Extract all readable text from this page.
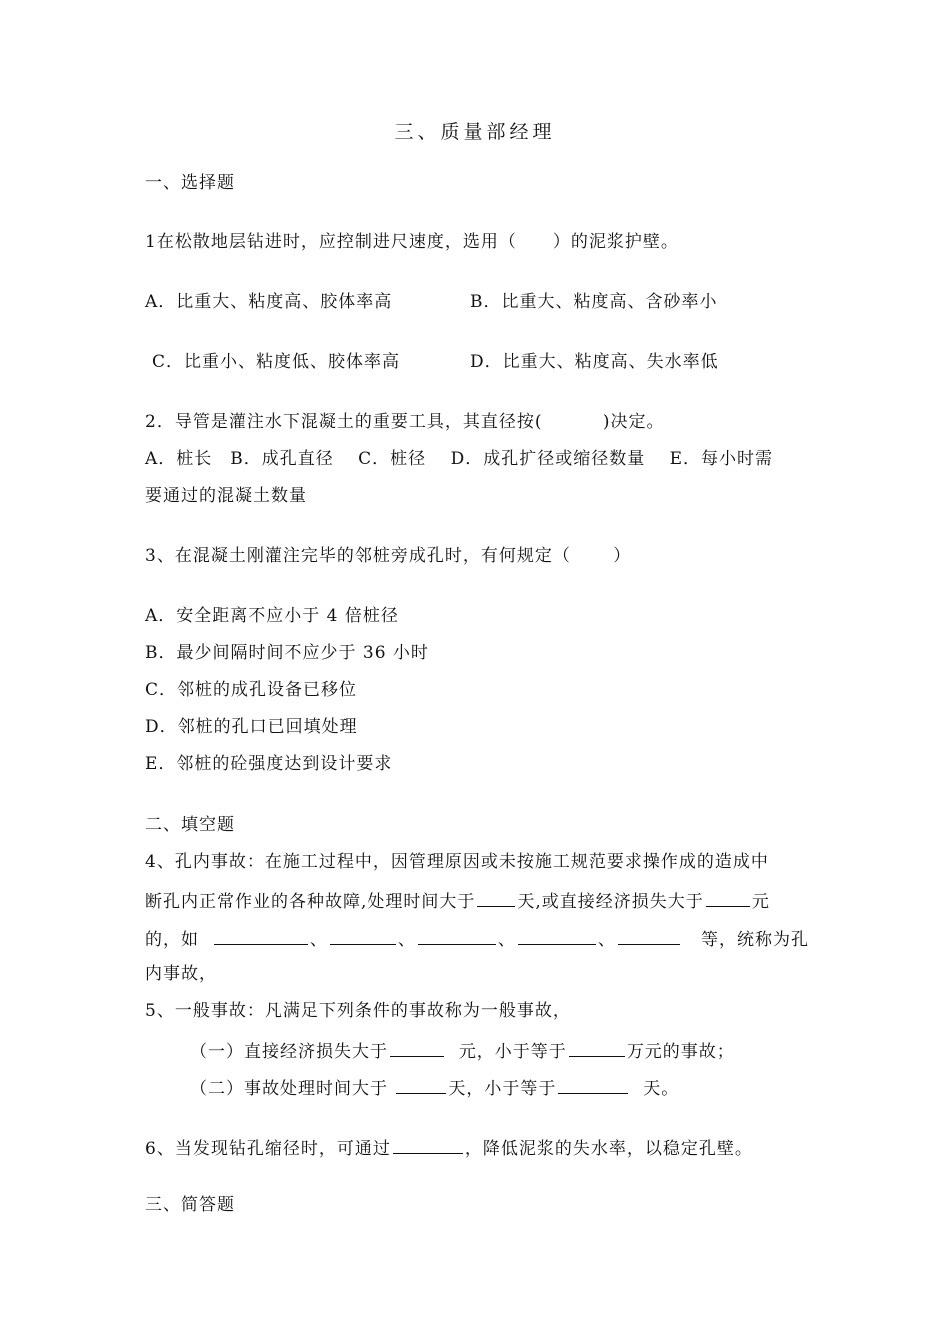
三、质量部经理
一、选择题
1在松散地层钻进时，应控制进尺速度，选用（　　）的泥浆护壁。
A．比重大、粘度高、胶体率高	B．比重大、粘度高、含砂率小
C．比重小、粘度低、胶体率高	D．比重大、粘度高、失水率低
2．导管是灌注水下混凝土的重要工具，其直径按(　　　 )决定。
A．桩长　B．成孔直径　 C．桩径　 D．成孔扩径或缩径数量　 E．每小时需
要通过的混凝土数量
3、在混凝土刚灌注完毕的邻桩旁成孔时，有何规定（　　 ）
A．安全距离不应小于 4 倍桩径
B．最少间隔时间不应少于 36 小时
C．邻桩的成孔设备已移位
D．邻桩的孔口已回填处理
E．邻桩的砼强度达到设计要求
二、填空题
4、孔内事故：在施工过程中，因管理原因或未按施工规范要求操作成的造成中
断孔内正常作业的各种故障,处理时间大于 天,或直接经济损失大于	元
的，如	、	、	、	、	等，统称为孔
内事故，
5、一般事故：凡满足下列条件的事故称为一般事故，
（一）直接经济损失大于	元，小于等于	万元的事故；
（二）事故处理时间大于	天，小于等于	天。
6、当发现钻孔缩径时，可通过	，降低泥浆的失水率，以稳定孔壁。
三、简答题
